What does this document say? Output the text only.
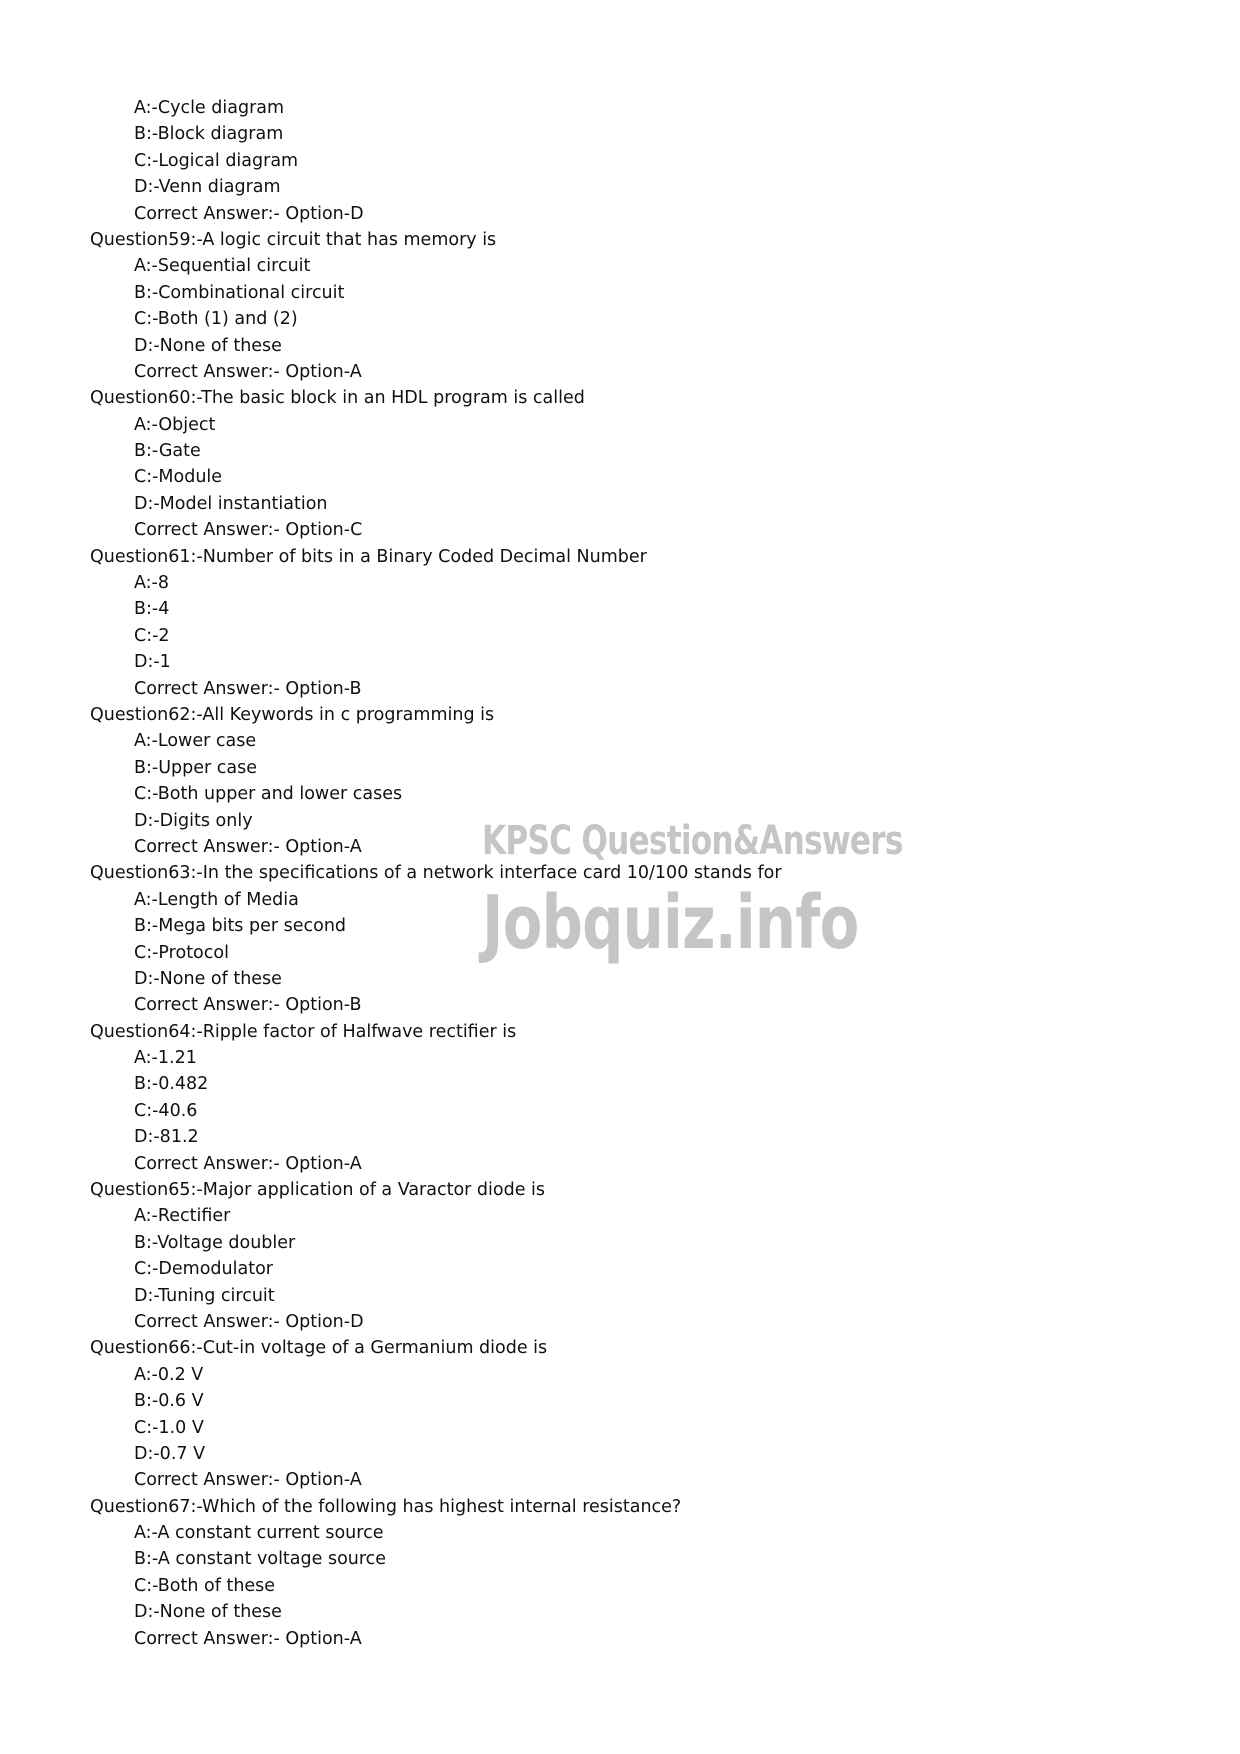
A:-Cycle diagram
B:-Block diagram
C:-Logical diagram
D:-Venn diagram
Correct Answer:- Option-D
Question59:-A logic circuit that has memory is
A:-Sequential circuit
B:-Combinational circuit
C:-Both (1) and (2)
D:-None of these
Correct Answer:- Option-A
Question60:-The basic block in an HDL program is called
A:-Object
B:-Gate
C:-Module
D:-Model instantiation
Correct Answer:- Option-C
Question61:-Number of bits in a Binary Coded Decimal Number
A:-8
B:-4
C:-2
D:-1
Correct Answer:- Option-B
Question62:-All Keywords in c programming is
A:-Lower case
B:-Upper case
C:-Both upper and lower cases
D:-Digits only
Correct Answer:- Option-A
Question63:-In the specifications of a network interface card 10/100 stands for
A:-Length of Media
B:-Mega bits per second
C:-Protocol
D:-None of these
Correct Answer:- Option-B
Question64:-Ripple factor of Halfwave rectifier is
A:-1.21
B:-0.482
C:-40.6
D:-81.2
Correct Answer:- Option-A
Question65:-Major application of a Varactor diode is
A:-Rectifier
B:-Voltage doubler
C:-Demodulator
D:-Tuning circuit
Correct Answer:- Option-D
Question66:-Cut-in voltage of a Germanium diode is
A:-0.2 V
B:-0.6 V
C:-1.0 V
D:-0.7 V
Correct Answer:- Option-A
Question67:-Which of the following has highest internal resistance?
A:-A constant current source
B:-A constant voltage source
C:-Both of these
D:-None of these
Correct Answer:- Option-A
KPSC Question&Answers
Jobquiz.info
